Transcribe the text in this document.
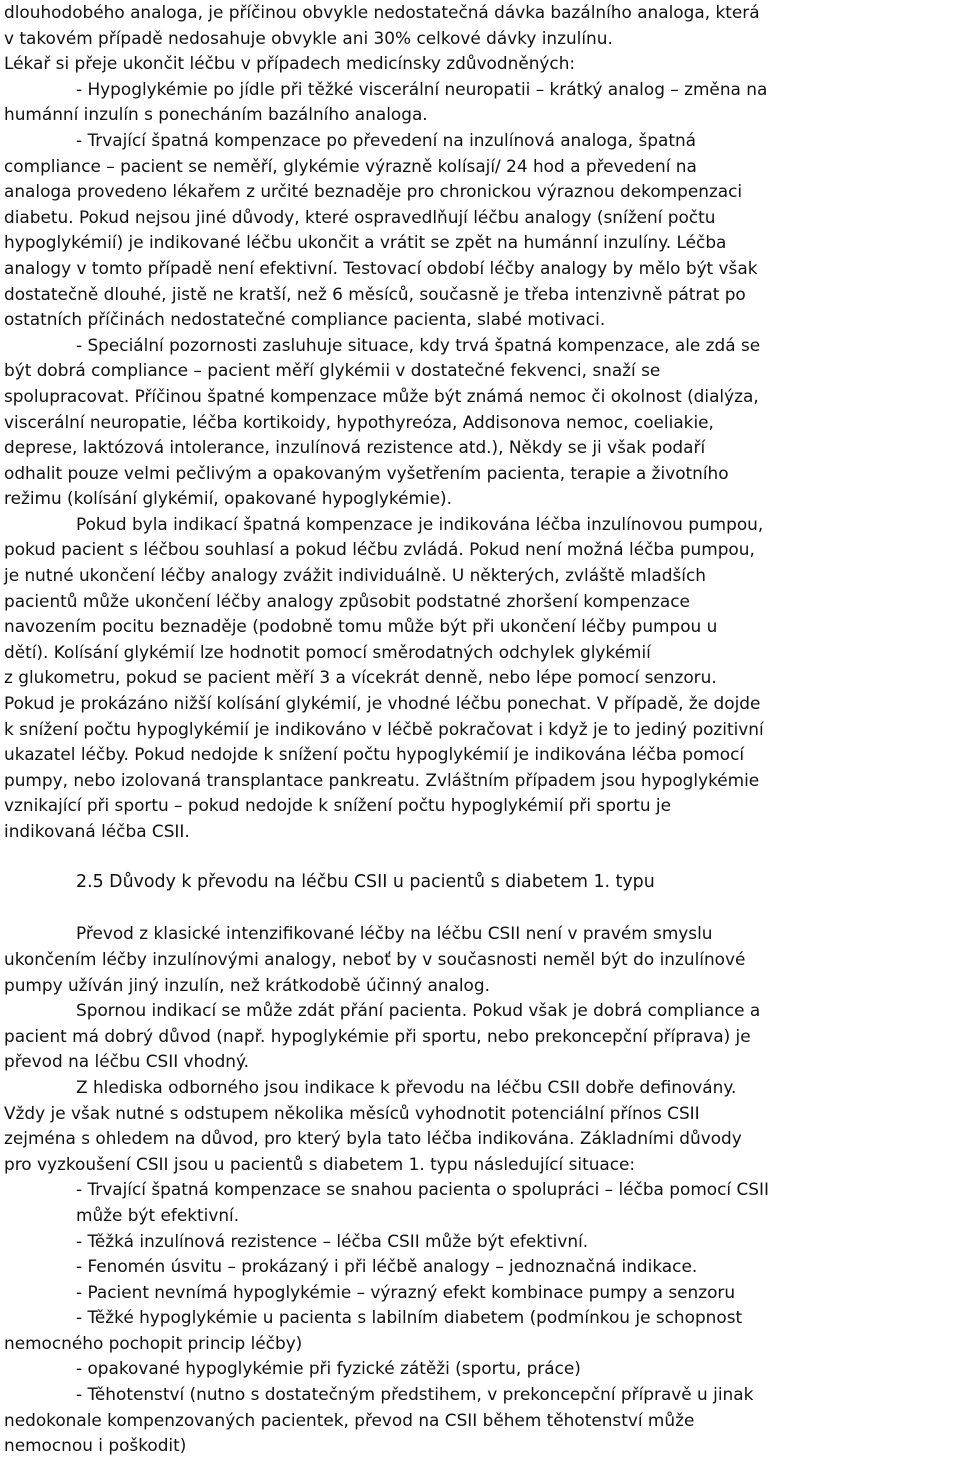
dlouhodobého analoga, je příčinou obvykle nedostatečná dávka bazálního analoga, která
v takovém případě nedosahuje obvykle ani 30% celkové dávky inzulínu.
Lékař si přeje ukončit léčbu v případech medicínsky zdůvodněných:
- Hypoglykémie po jídle při těžké viscerální neuropatii – krátký analog – změna na
humánní inzulín s ponecháním bazálního analoga.
- Trvající špatná kompenzace po převedení na inzulínová analoga, špatná
compliance – pacient se neměří, glykémie výrazně kolísají/ 24 hod a převedení na
analoga provedeno lékařem z určité beznaděje pro chronickou výraznou dekompenzaci
diabetu. Pokud nejsou jiné důvody, které ospravedlňují léčbu analogy (snížení počtu
hypoglykémií) je indikované léčbu ukončit a vrátit se zpět na humánní inzulíny. Léčba
analogy v tomto případě není efektivní. Testovací období léčby analogy by mělo být však
dostatečně dlouhé, jistě ne kratší, než 6 měsíců, současně je třeba intenzivně pátrat po
ostatních příčinách nedostatečné compliance pacienta, slabé motivaci.
- Speciální pozornosti zasluhuje situace, kdy trvá špatná kompenzace, ale zdá se
být dobrá compliance – pacient měří glykémii v dostatečné fekvenci, snaží se
spolupracovat. Příčinou špatné kompenzace může být známá nemoc či okolnost (dialýza,
viscerální neuropatie, léčba kortikoidy, hypothyreóza, Addisonova nemoc, coeliakie,
deprese, laktózová intolerance, inzulínová rezistence atd.), Někdy se ji však podaří
odhalit pouze velmi pečlivým a opakovaným vyšetřením pacienta, terapie a životního
režimu (kolísání glykémií, opakované hypoglykémie).
Pokud byla indikací špatná kompenzace je indikována léčba inzulínovou pumpou,
pokud pacient s léčbou souhlasí a pokud léčbu zvládá. Pokud není možná léčba pumpou,
je nutné ukončení léčby analogy zvážit individuálně. U některých, zvláště mladších
pacientů může ukončení léčby analogy způsobit podstatné zhoršení kompenzace
navozením pocitu beznaděje (podobně tomu může být při ukončení léčby pumpou u
dětí). Kolísání glykémií lze hodnotit pomocí směrodatných odchylek glykémií
z glukometru, pokud se pacient měří 3 a vícekrát denně, nebo lépe pomocí senzoru.
Pokud je prokázáno nižší kolísání glykémií, je vhodné léčbu ponechat. V případě, že dojde
k snížení počtu hypoglykémií je indikováno v léčbě pokračovat i když je to jediný pozitivní
ukazatel léčby. Pokud nedojde k snížení počtu hypoglykémií je indikována léčba pomocí
pumpy, nebo izolovaná transplantace pankreatu. Zvláštním případem jsou hypoglykémie
vznikající při sportu – pokud nedojde k snížení počtu hypoglykémií při sportu je
indikovaná léčba CSII.
2.5 Důvody k převodu na léčbu CSII u pacientů s diabetem 1. typu
Převod z klasické intenzifikované léčby na léčbu CSII není v pravém smyslu
ukončením léčby inzulínovými analogy, neboť by v současnosti neměl být do inzulínové
pumpy užíván jiný inzulín, než krátkodobě účinný analog.
Spornou indikací se může zdát přání pacienta. Pokud však je dobrá compliance a
pacient má dobrý důvod (např. hypoglykémie při sportu, nebo prekoncepční příprava) je
převod na léčbu CSII vhodný.
Z hlediska odborného jsou indikace k převodu na léčbu CSII dobře definovány.
Vždy je však nutné s odstupem několika měsíců vyhodnotit potenciální přínos CSII
zejména s ohledem na důvod, pro který byla tato léčba indikována. Základními důvody
pro vyzkoušení CSII jsou u pacientů s diabetem 1. typu následující situace:
- Trvající špatná kompenzace se snahou pacienta o spolupráci – léčba pomocí CSII
může být efektivní.
- Těžká inzulínová rezistence – léčba CSII může být efektivní.
- Fenomén úsvitu – prokázaný i při léčbě analogy – jednoznačná indikace.
- Pacient nevnímá hypoglykémie – výrazný efekt kombinace pumpy a senzoru
- Těžké hypoglykémie u pacienta s labilním diabetem (podmínkou je schopnost
nemocného pochopit princip léčby)
- opakované hypoglykémie při fyzické zátěži (sportu, práce)
- Těhotenství (nutno s dostatečným předstihem, v prekoncepční přípravě u jinak
nedokonale kompenzovaných pacientek, převod na CSII během těhotenství může
nemocnou i poškodit)
